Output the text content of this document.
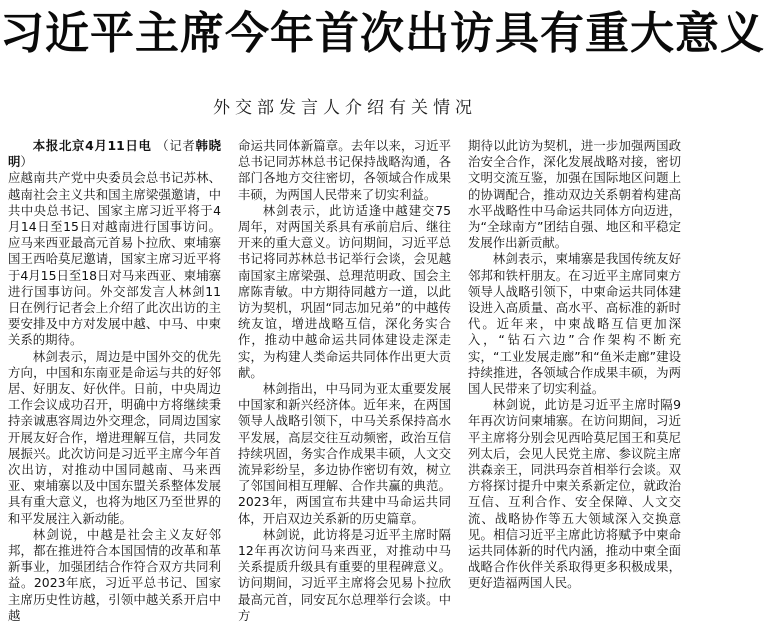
习近平主席今年首次出访具有重大意义
外交部发言人介绍有关情况

本报北京4月11日电 （记者韩晓明）

应越南共产党中央委员会总书记苏林、越南社会主义共和国主席梁强邀请，中共中央总书记、国家主席习近平将于4月14日至15日对越南进行国事访问。应马来西亚最高元首易卜拉欣、柬埔寨国王西哈莫尼邀请，国家主席习近平将于4月15日至18日对马来西亚、柬埔寨进行国事访问。外交部发言人林剑11日在例行记者会上介绍了此次出访的主要安排及中方对发展中越、中马、中柬关系的期待。

林剑表示，周边是中国外交的优先方向，中国和东南亚是命运与共的好邻居、好朋友、好伙伴。日前，中央周边工作会议成功召开，明确中方将继续秉持亲诚惠容周边外交理念，同周边国家开展友好合作，增进理解互信，共同发展振兴。此次访问是习近平主席今年首次出访，对推动中国同越南、马来西亚、柬埔寨以及中国东盟关系整体发展具有重大意义，也将为地区乃至世界的和平发展注入新动能。

林剑说，中越是社会主义友好邻邦，都在推进符合本国国情的改革和革新事业，加强团结合作符合双方共同利益。2023年底，习近平总书记、国家主席历史性访越，引领中越关系开启中越

命运共同体新篇章。去年以来，习近平总书记同苏林总书记保持战略沟通，各部门各地方交往密切，各领域合作成果丰硕，为两国人民带来了切实利益。

林剑表示，此访适逢中越建交75周年，对两国关系具有承前启后、继往开来的重大意义。访问期间，习近平总书记将同苏林总书记举行会谈，会见越南国家主席梁强、总理范明政、国会主席陈青敏。中方期待同越方一道，以此访为契机，巩固“同志加兄弟”的中越传统友谊，增进战略互信，深化务实合作，推动中越命运共同体建设走深走实，为构建人类命运共同体作出更大贡献。

林剑指出，中马同为亚太重要发展中国家和新兴经济体。近年来，在两国领导人战略引领下，中马关系保持高水平发展，高层交往互动频密，政治互信持续巩固，务实合作成果丰硕，人文交流异彩纷呈，多边协作密切有效，树立了邻国间相互理解、合作共赢的典范。2023年，两国宣布共建中马命运共同体，开启双边关系新的历史篇章。

林剑说，此访将是习近平主席时隔12年再次访问马来西亚，对推动中马关系提质升级具有重要的里程碑意义。访问期间，习近平主席将会见易卜拉欣最高元首，同安瓦尔总理举行会谈。中方

期待以此访为契机，进一步加强两国政治安全合作，深化发展战略对接，密切文明交流互鉴，加强在国际地区问题上的协调配合，推动双边关系朝着构建高水平战略性中马命运共同体方向迈进，为“全球南方”团结自强、地区和平稳定发展作出新贡献。

林剑表示，柬埔寨是我国传统友好邻邦和铁杆朋友。在习近平主席同柬方领导人战略引领下，中柬命运共同体建设进入高质量、高水平、高标准的新时代。近年来，中柬战略互信更加深入，“钻石六边”合作架构不断充实，“工业发展走廊”和“鱼米走廊”建设持续推进，各领域合作成果丰硕，为两国人民带来了切实利益。

林剑说，此访是习近平主席时隔9年再次访问柬埔寨。在访问期间，习近平主席将分别会见西哈莫尼国王和莫尼列太后，会见人民党主席、参议院主席洪森亲王，同洪玛奈首相举行会谈。双方将探讨提升中柬关系新定位，就政治互信、互利合作、安全保障、人文交流、战略协作等五大领域深入交换意见。相信习近平主席此访将赋予中柬命运共同体新的时代内涵，推动中柬全面战略合作伙伴关系取得更多积极成果，更好造福两国人民。
